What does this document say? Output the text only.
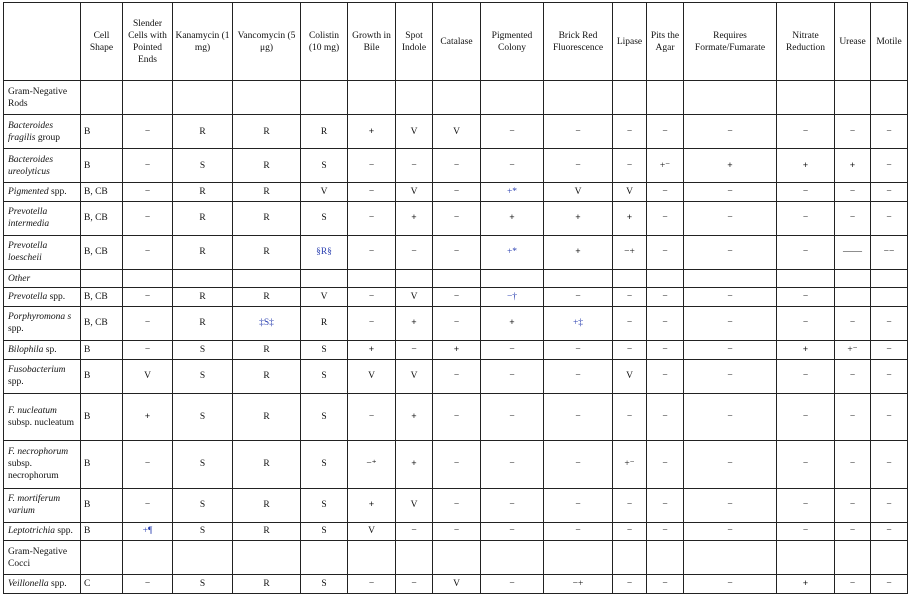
	Cell Shape	Slender Cells with Pointed Ends	Kanamycin (1 mg)	Vancomycin (5 μg)	Colistin (10 mg)	Growth in Bile	Spot Indole	Catalase	Pigmented Colony	Brick Red Fluorescence	Lipase	Pits the Agar	Requires Formate/Fumarate	Nitrate Reduction	Urease	Motile
Gram-Negative Rods																
Bacteroides fragilis group	B	−	R	R	R	+	V	V	−	−	−	−	−	−	−	−
Bacteroides ureolyticus	B	−	S	R	S	−	−	−	−	−	−	+⁻	+	+	+	−
Pigmented spp.	B, CB	−	R	R	V	−	V	−	+*	V	V	−	−	−	−	−
Prevotella intermedia	B, CB	−	R	R	S	−	+	−	+	+	+	−	−	−	−	−
Prevotella loescheii	B, CB	−	R	R	§R§	−	−	−	+*	+	−+	−	−	−	——	−−
Other																
Prevotella spp.	B, CB	−	R	R	V	−	V	−	−†	−	−	−	−	−		
Porphyromona s spp.	B, CB	−	R	‡S‡	R	−	+	−	+	+‡	−	−	−	−	−	−
Bilophila sp.	B	−	S	R	S	+	−	+	−	−	−	−	−	+	+⁻	−
Fusobacterium spp.	B	V	S	R	S	V	V	−	−	−	V	−	−	−	−	−
F. nucleatum subsp. nucleatum	B	+	S	R	S	−	+	−	−	−	−	−	−	−	−	−
F. necrophorum subsp. necrophorum	B	−	S	R	S	−⁺	+	−	−	−	+⁻	−	−	−	−	−
F. mortiferum varium	B	−	S	R	S	+	V	−	−	−	−	−	−	−	−	−
Leptotrichia spp.	B	+¶	S	R	S	V	−	−	−	−	−	−	−	−	−	−
Gram-Negative Cocci																
Veillonella spp.	C	−	S	R	S	−	−	V	−	−+	−	−	−	+	−	−
